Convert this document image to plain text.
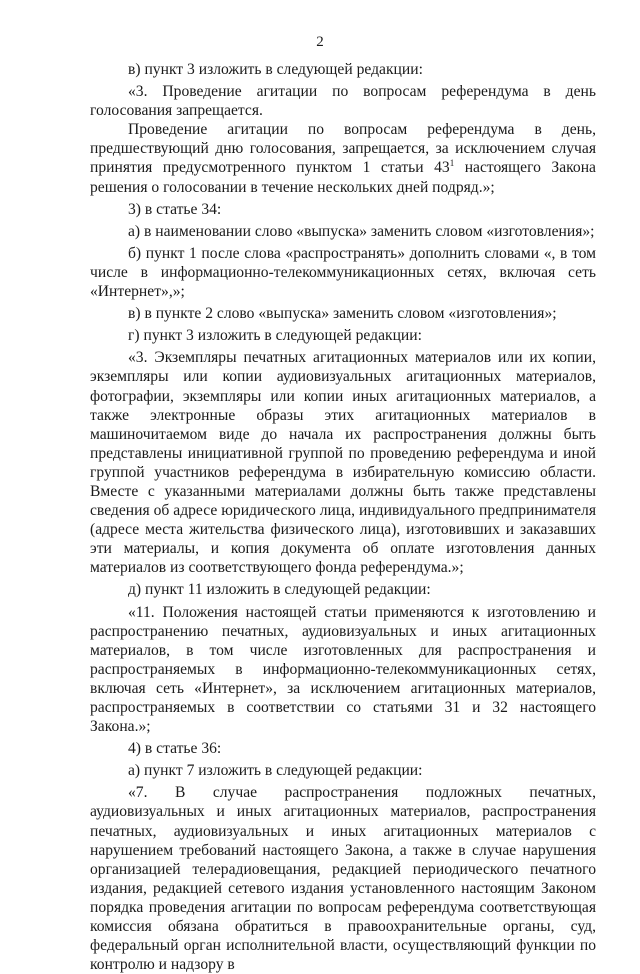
2

в) пункт 3 изложить в следующей редакции:

«3. Проведение агитации по вопросам референдума в день голосования запрещается.

Проведение агитации по вопросам референдума в день, предшествующий дню голосования, запрещается, за исключением случая принятия предусмотренного пунктом 1 статьи $43^1$ настоящего Закона решения о голосовании в течение нескольких дней подряд.»;

3) в статье 34:

а) в наименовании слово «выпуска» заменить словом «изготовления»;

б) пункт 1 после слова «распространять» дополнить словами «, в том числе в информационно-телекоммуникационных сетях, включая сеть «Интернет»,»;

в) в пункте 2 слово «выпуска» заменить словом «изготовления»;

г) пункт 3 изложить в следующей редакции:

«3. Экземпляры печатных агитационных материалов или их копии, экземпляры или копии аудиовизуальных агитационных материалов, фотографии, экземпляры или копии иных агитационных материалов, а также электронные образы этих агитационных материалов в машиночитаемом виде до начала их распространения должны быть представлены инициативной группой по проведению референдума и иной группой участников референдума в избирательную комиссию области. Вместе с указанными материалами должны быть также представлены сведения об адресе юридического лица, индивидуального предпринимателя (адресе места жительства физического лица), изготовивших и заказавших эти материалы, и копия документа об оплате изготовления данных материалов из соответствующего фонда референдума.»;

д) пункт 11 изложить в следующей редакции:

«11. Положения настоящей статьи применяются к изготовлению и распространению печатных, аудиовизуальных и иных агитационных материалов, в том числе изготовленных для распространения и распространяемых в информационно-телекоммуникационных сетях, включая сеть «Интернет», за исключением агитационных материалов, распространяемых в соответствии со статьями 31 и 32 настоящего Закона.»;

4) в статье 36:

а) пункт 7 изложить в следующей редакции:

«7. В случае распространения подложных печатных, аудиовизуальных и иных агитационных материалов, распространения печатных, аудиовизуальных и иных агитационных материалов с нарушением требований настоящего Закона, а также в случае нарушения организацией телерадиовещания, редакцией периодического печатного издания, редакцией сетевого издания установленного настоящим Законом порядка проведения агитации по вопросам референдума соответствующая комиссия обязана обратиться в правоохранительные органы, суд, федеральный орган исполнительной власти, осуществляющий функции по контролю и надзору в
